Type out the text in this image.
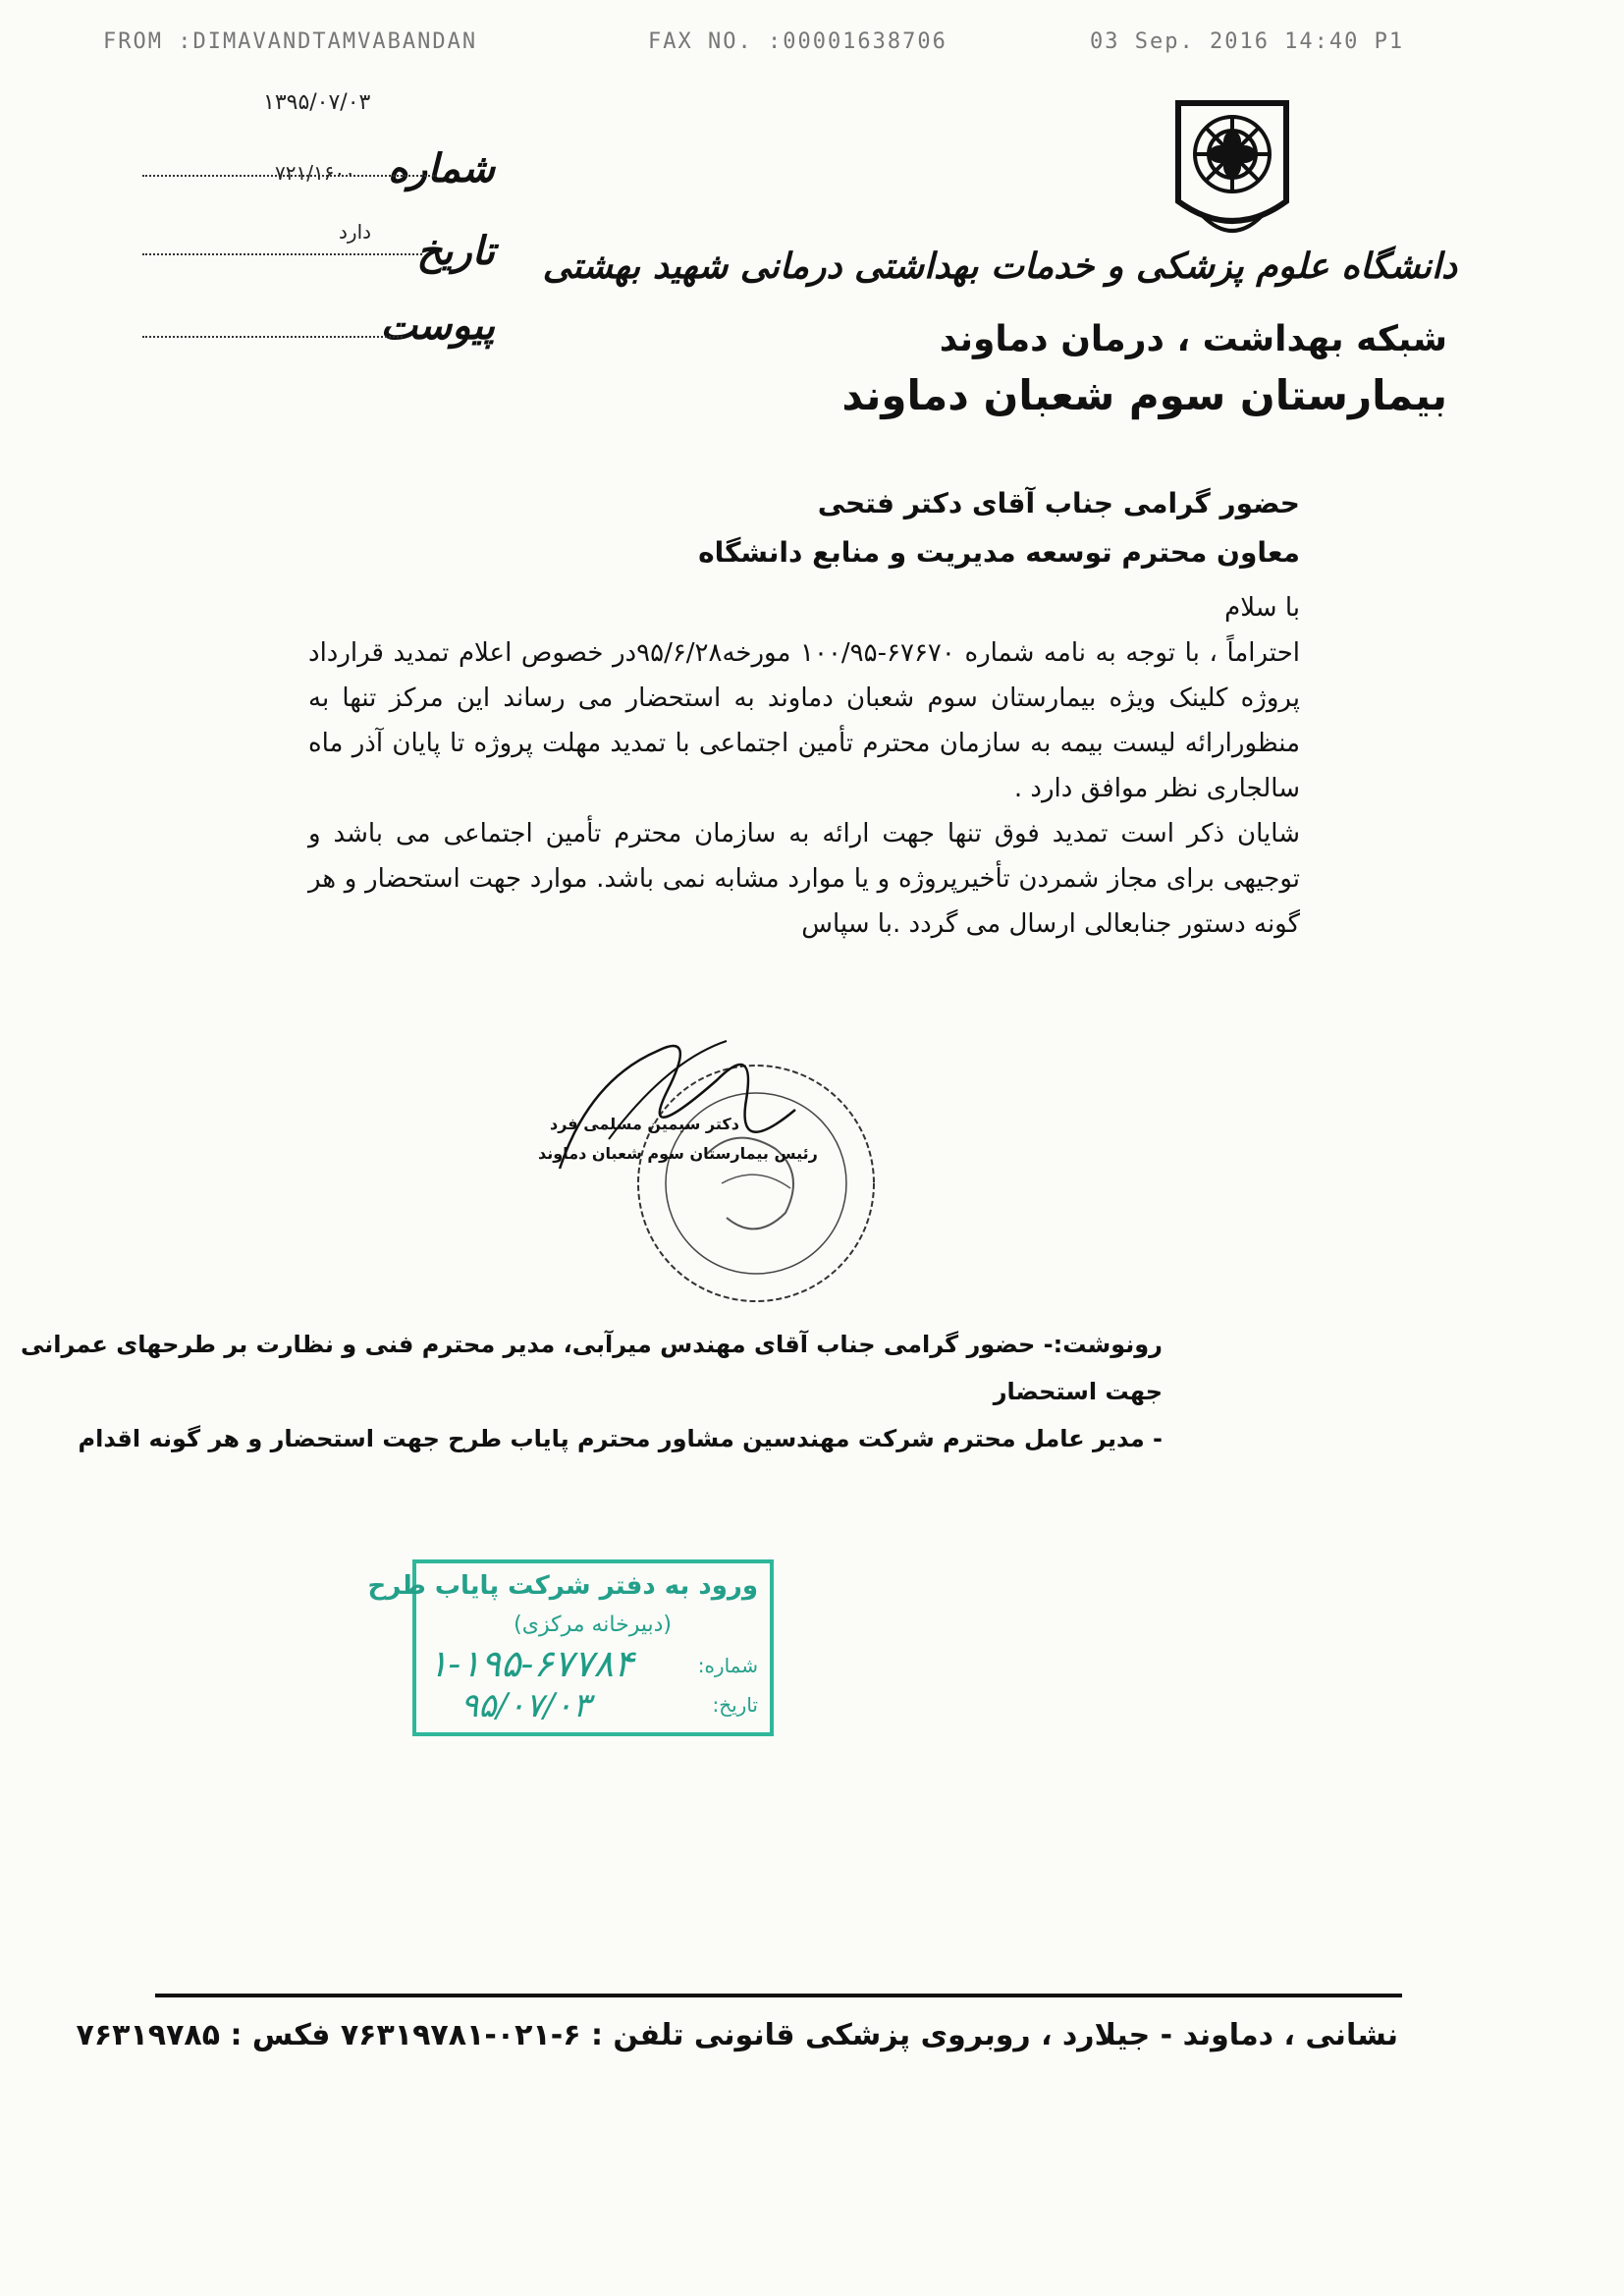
FROM :DIMAVANDTAMVABANDAN	FAX NO. :00001638706	03 Sep. 2016 14:40 P1
۱۳۹۵/۰۷/۰۳
دانشگاه علوم پزشکی و خدمات بهداشتی درمانی شهید بهشتی
شبکه بهداشت ، درمان دماوند
بیمارستان سوم شعبان دماوند
شماره
۷۲۱/۱۶۰۰
تاریخ
دارد
پیوست

حضور گرامی جناب آقای دکتر فتحی

معاون محترم توسعه مدیریت و منابع دانشگاه

با سلام

احتراماً ، با توجه به نامه شماره ۶۷۶۷۰-۱۰۰/۹۵ مورخه۹۵/۶/۲۸در خصوص اعلام تمدید قرارداد پروژه کلینک ویژه بیمارستان سوم شعبان دماوند به استحضار می رساند این مرکز تنها به منظورارائه لیست بیمه به سازمان محترم تأمین اجتماعی با تمدید مهلت پروژه تا پایان آذر ماه سالجاری نظر موافق دارد .

شایان ذکر است تمدید فوق تنها جهت ارائه به سازمان محترم تأمین اجتماعی می باشد و توجیهی برای مجاز شمردن تأخیرپروژه و یا موارد مشابه نمی باشد. موارد جهت استحضار و هر گونه دستور جنابعالی ارسال می گردد .با سپاس

دکتر سیمین مسلمی فرد
رئیس بیمارستان سوم شعبان دماوند

رونوشت:- حضور گرامی جناب آقای مهندس میرآبی، مدیر محترم فنی و نظارت بر طرحهای عمرانی

جهت استحضار

- مدیر عامل محترم شرکت مهندسین مشاور محترم پایاب طرح جهت استحضار و هر گونه اقدام

ورود به دفتر شرکت پایاب طرح
(دبیرخانه مرکزی)
شماره:
تاریخ:
۱-۱۹۵-۶۷۷۸۴
۹۵/۰۷/۰۳
نشانی ، دماوند - جیلارد ، روبروی پزشکی قانونی تلفن : ۶-۰۲۱-۷۶۳۱۹۷۸۱ فکس : ۷۶۳۱۹۷۸۵
